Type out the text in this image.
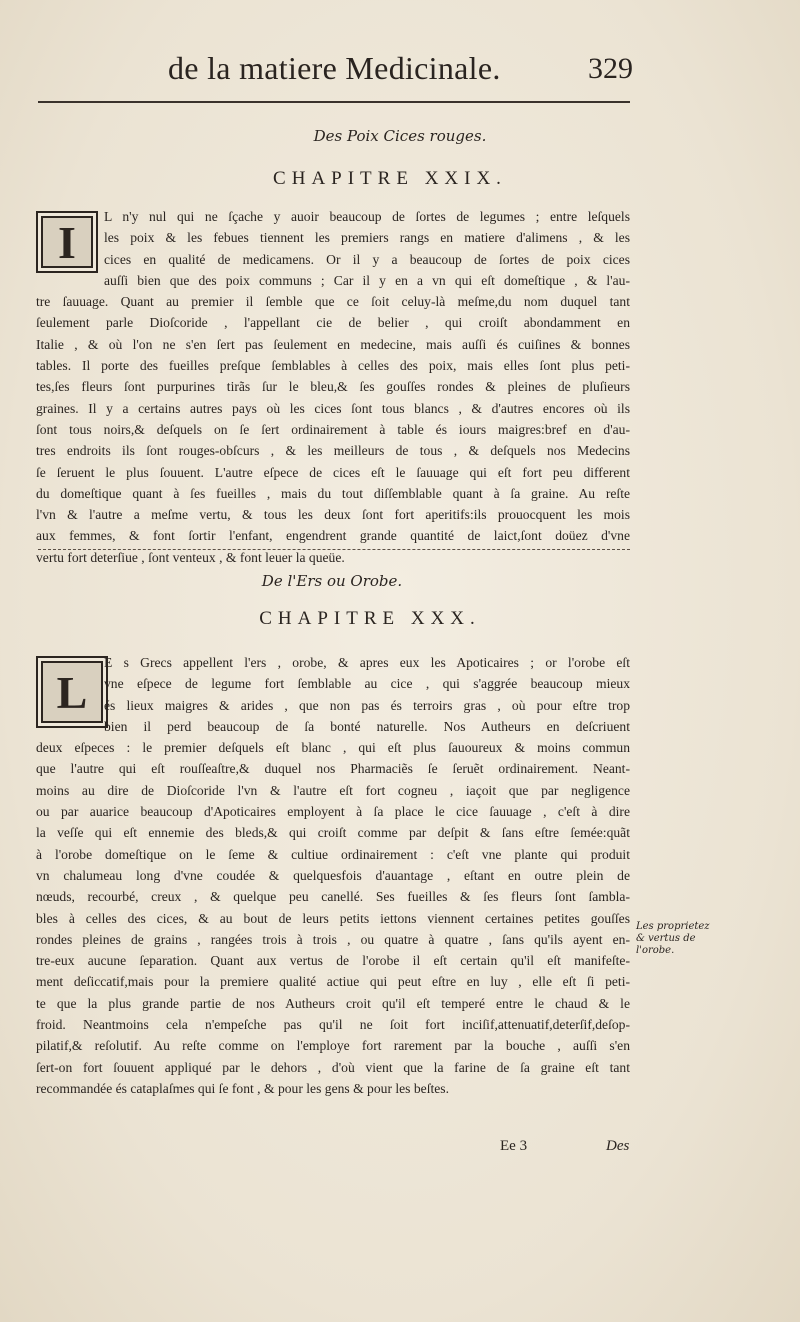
de la matiere Medicinale.	329
Des Poix Cices rouges.
CHAPITRE XXIX.
I	L n'y nul qui ne ſçache y auoir beaucoup de ſortes de legumes ; entre leſquels
les poix & les febues tiennent les premiers rangs en matiere d'alimens , & les
cices en qualité de medicamens. Or il y a beaucoup de ſortes de poix cices
auſſi bien que des poix communs ; Car il y en a vn qui eſt domeſtique , & l'au-
tre ſauuage. Quant au premier il ſemble que ce ſoit celuy-là meſme,du nom duquel tant
ſeulement parle Dioſcoride , l'appellant cie de belier , qui croiſt abondamment en
Italie , & où l'on ne s'en ſert pas ſeulement en medecine, mais auſſi és cuiſines & bonnes
tables. Il porte des fueilles preſque ſemblables à celles des poix, mais elles ſont plus peti-
tes,ſes fleurs ſont purpurines tirãs ſur le bleu,& ſes gouſſes rondes & pleines de pluſieurs
graines. Il y a certains autres pays où les cices ſont tous blancs , & d'autres encores où ils
ſont tous noirs,& deſquels on ſe ſert ordinairement à table és iours maigres:bref en d'au-
tres endroits ils ſont rouges-obſcurs , & les meilleurs de tous , & deſquels nos Medecins
ſe ſeruent le plus ſouuent. L'autre eſpece de cices eſt le ſauuage qui eſt fort peu different
du domeſtique quant à ſes fueilles , mais du tout diſſemblable quant à ſa graine. Au reſte
l'vn & l'autre a meſme vertu, & tous les deux ſont fort aperitifs:ils prouocquent les mois
aux femmes, & font ſortir l'enfant, engendrent grande quantité de laict,ſont doüez d'vne
vertu fort deterſiue , ſont venteux , & font leuer la queüe.
De l'Ers ou Orobe.
CHAPITRE XXX.
L
E s Grecs appellent l'ers , orobe, & apres eux les Apoticaires ; or l'orobe eſt
vne eſpece de legume fort ſemblable au cice , qui s'aggrée beaucoup mieux
és lieux maigres & arides , que non pas és terroirs gras , où pour eſtre trop
bien il perd beaucoup de ſa bonté naturelle. Nos Autheurs en deſcriuent
deux eſpeces : le premier deſquels eſt blanc , qui eſt plus ſauoureux & moins commun
que l'autre qui eſt rouſſeaſtre,& duquel nos Pharmaciẽs ſe ſeruẽt ordinairement. Neant-
moins au dire de Dioſcoride l'vn & l'autre eſt fort cogneu , iaçoit que par negligence
ou par auarice beaucoup d'Apoticaires employent à ſa place le cice ſauuage , c'eſt à dire
la veſſe qui eſt ennemie des bleds,& qui croiſt comme par deſpit & ſans eſtre ſemée:quãt
à l'orobe domeſtique on le ſeme & cultiue ordinairement : c'eſt vne plante qui produit
vn chalumeau long d'vne coudée & quelquesfois d'auantage , eſtant en outre plein de
nœuds, recourbé, creux , & quelque peu canellé. Ses fueilles & ſes fleurs ſont ſambla-
bles à celles des cices, & au bout de leurs petits iettons viennent certaines petites gouſſes
rondes pleines de grains , rangées trois à trois , ou quatre à quatre , ſans qu'ils ayent en-
tre-eux aucune ſeparation. Quant aux vertus de l'orobe il eſt certain qu'il eſt manifeſte-
ment deſiccatif,mais pour la premiere qualité actiue qui peut eſtre en luy , elle eſt ſi peti-
te que la plus grande partie de nos Autheurs croit qu'il eſt temperé entre le chaud & le
froid. Neantmoins cela n'empeſche pas qu'il ne ſoit fort inciſif,attenuatif,deterſif,deſop-
pilatif,& reſolutif. Au reſte comme on l'employe fort rarement par la bouche , auſſi s'en
ſert-on fort ſouuent appliqué par le dehors , d'où vient que la farine de ſa graine eſt tant
recommandée és cataplaſmes qui ſe font , & pour les gens & pour les beſtes.
Les proprietez
& vertus de
l'orobe.
Ee 3	Des
